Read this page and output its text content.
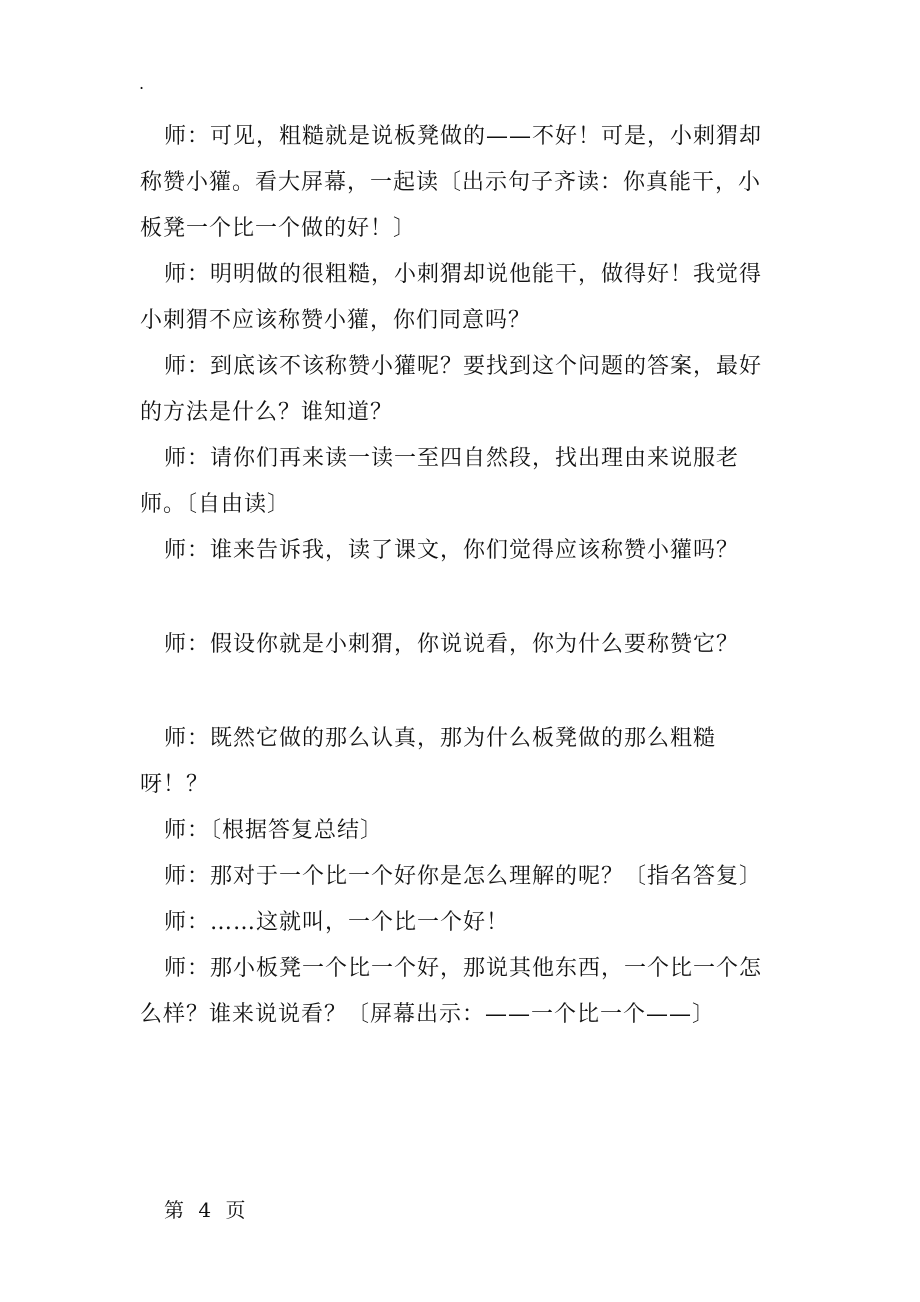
.

师：可见，粗糙就是说板凳做的——不好！可是，小刺猬却称赞小獾。看大屏幕，一起读〔出示句子齐读：你真能干，小板凳一个比一个做的好！〕

师：明明做的很粗糙，小刺猬却说他能干，做得好！我觉得小刺猬不应该称赞小獾，你们同意吗？

师：到底该不该称赞小獾呢？要找到这个问题的答案，最好的方法是什么？谁知道？

师：请你们再来读一读一至四自然段，找出理由来说服老师。〔自由读〕

师：谁来告诉我，读了课文，你们觉得应该称赞小獾吗？

师：假设你就是小刺猬，你说说看，你为什么要称赞它？

师：既然它做的那么认真，那为什么板凳做的那么粗糙呀！？

师：〔根据答复总结〕

师：那对于一个比一个好你是怎么理解的呢？〔指名答复〕

师：……这就叫，一个比一个好！

师：那小板凳一个比一个好，那说其他东西，一个比一个怎么样？谁来说说看？〔屏幕出示：——一个比一个——〕

第 4 页
